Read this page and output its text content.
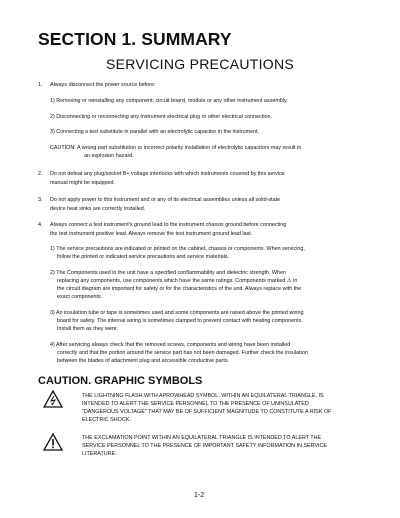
SECTION 1. SUMMARY
SERVICING PRECAUTIONS
1. Always disconnect the power source before:
1) Removing or reinstalling any component, circuit board, module or any other instrument assembly.
2) Disconnecting or reconnecting any instrument electrical plug or other electrical connection.
3) Connecting a test substitute in parallel with an electrolytic capacitor in the instrument.
CAUTION: A wrong part substitution or incorrect polarity installation of electrolytic capacitors may result in
an explosion hazard.
2. Do not defeat any plug/socket B+ voltage interlocks with which instruments covered by this service
manual might be equipped.
3. Do not apply power to this instrument and or any of its electrical assemblies unless all solid-state
device heat sinks are correctly installed.
4. Always connect a test instrument's ground lead to the instrument chassis ground before connecting
the test instrument positive lead. Always remove the test instrument ground lead last.
1) The service precautions are indicated or printed on the cabinet, chassis or components. When servicing,
follow the printed or indicated service precautions and service materials.
2) The Components used in the unit have a specified conflammability and dielectric strength. When
replacing any components, use components which have the same ratings. Components marked ⚠ in
the circuit diagram are important for safety or for the characteristics of the unit. Always replace with the
exact components.
3) An insulation tube or tape is sometimes used and some components are raised above the printed wiring
board for safety. The internal wiring is sometimes clamped to prevent contact with heating components.
Install them as they were.
4) After servicing always check that the removed screws, components and wiring have been installed
correctly and that the portion around the service part has not been damaged. Further check the insulation
between the blades of attachment plug and accessible conductive parts.
CAUTION. GRAPHIC SYMBOLS
THE LIGHTNING FLASH WITH APROWHEAD SYMBOL. WITHIN AN EQUILATERAL TRIANGLE, IS
INTENDED TO ALERT THE SERVICE PERSONNEL TO THE PRESENCE OF UNINSULATED
"DANGEROUS VOLTAGE" THAT MAY BE OF SUFFICIENT MAGNITUDE TO CONSTITUTE A RISK OF
ELECTRIC SHOCK.
THE EXCLAMATION POINT WITHIN AN EQUILATERAL TRIANGLE IS INTENDED TO ALERT THE
SERVICE PERSONNEL TO THE PRESENCE OF IMPORTANT SAFETY INFORMATION IN SERVICE
LITERATURE.
1-2
